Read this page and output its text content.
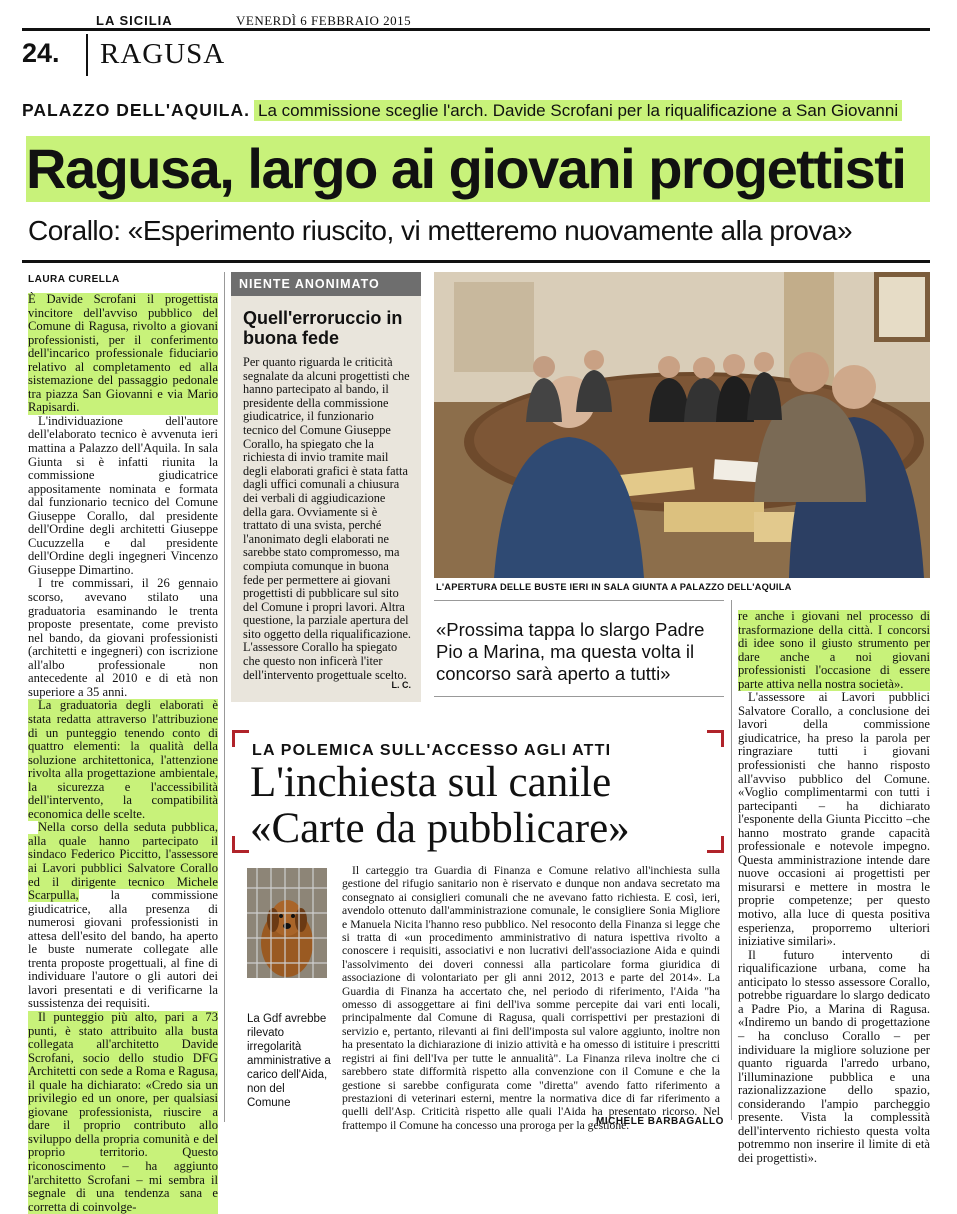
LA SICILIA	VENERDÌ 6 FEBBRAIO 2015
24. RAGUSA
PALAZZO DELL'AQUILA. La commissione sceglie l'arch. Davide Scrofani per la riqualificazione a San Giovanni
Ragusa, largo ai giovani progettisti
Corallo: «Esperimento riuscito, vi metteremo nuovamente alla prova»
LAURA CURELLA

È Davide Scrofani il progettista vincitore dell'avviso pubblico del Comune di Ragusa, rivolto a giovani professionisti, per il conferimento dell'incarico professionale fiduciario relativo al completamento ed alla sistemazione del passaggio pedonale tra piazza San Giovanni e via Mario Rapisardi.

L'individuazione dell'autore dell'elaborato tecnico è avvenuta ieri mattina a Palazzo dell'Aquila. In sala Giunta si è infatti riunita la commissione giudicatrice appositamente nominata e formata dal funzionario tecnico del Comune Giuseppe Corallo, dal presidente dell'Ordine degli architetti Giuseppe Cucuzzella e dal presidente dell'Ordine degli ingegneri Vincenzo Giuseppe Dimartino.

I tre commissari, il 26 gennaio scorso, avevano stilato una graduatoria esaminando le trenta proposte presentate, come previsto nel bando, da giovani professionisti (architetti e ingegneri) con iscrizione all'albo professionale non antecedente al 2010 e di età non superiore a 35 anni.

La graduatoria degli elaborati è stata redatta attraverso l'attribuzione di un punteggio tenendo conto di quattro elementi: la qualità della soluzione architettonica, l'attenzione rivolta alla progettazione ambientale, la sicurezza e l'accessibilità dell'intervento, la compatibilità economica delle scelte.

Nella corso della seduta pubblica, alla quale hanno partecipato il sindaco Federico Piccitto, l'assessore ai Lavori pubblici Salvatore Corallo ed il dirigente tecnico Michele Scarpulla,	la commissione giudicatrice, alla presenza di numerosi giovani professionisti in attesa dell'esito del bando, ha aperto le buste numerate collegate alle trenta proposte progettuali, al fine di individuare l'autore o gli autori dei lavori presentati e di verificarne la sussistenza dei requisiti.

Il punteggio più alto, pari a 73 punti, è stato attribuito alla busta collegata all'architetto Davide Scrofani, socio dello studio DFG Architetti con sede a Roma e Ragusa, il quale ha dichiarato: «Credo sia un privilegio ed un onore, per qualsiasi giovane professionista, riuscire a dare il proprio contributo allo sviluppo della propria comunità e del proprio territorio. Questo riconoscimento – ha aggiunto l'architetto Scrofani – mi sembra il segnale di una tendenza sana e corretta di coinvolge-

NIENTE ANONIMATO
Quell'erroruccio in buona fede
Per quanto riguarda le criticità segnalate da alcuni progettisti che hanno partecipato al bando, il presidente della commissione giudicatrice, il funzionario tecnico del Comune Giuseppe Corallo, ha spiegato che la richiesta di invio tramite mail degli elaborati grafici è stata fatta dagli uffici comunali a chiusura dei verbali di aggiudicazione della gara. Ovviamente si è trattato di una svista, perché l'anonimato degli elaborati ne sarebbe stato compromesso, ma compiuta comunque in buona fede per permettere ai giovani progettisti di pubblicare sul sito del Comune i propri lavori. Altra questione, la parziale apertura del sito oggetto della riqualificazione. L'assessore Corallo ha spiegato che questo non inficerà l'iter dell'intervento progettuale scelto.
L. C.
L'APERTURA DELLE BUSTE IERI IN SALA GIUNTA A PALAZZO DELL'AQUILA
«Prossima tappa lo slargo Padre Pio a Marina, ma questa volta il concorso sarà aperto a tutti»

re anche i giovani nel processo di trasformazione della città. I concorsi di idee sono il giusto strumento per dare anche a noi giovani professionisti l'occasione di essere parte attiva nella nostra società».

L'assessore ai Lavori pubblici Salvatore Corallo, a conclusione dei lavori della commissione giudicatrice, ha preso la parola per ringraziare tutti i giovani professionisti che hanno risposto all'avviso pubblico del Comune. «Voglio complimentarmi con tutti i partecipanti – ha dichiarato l'esponente della Giunta Piccitto –che hanno mostrato grande capacità professionale e notevole impegno. Questa amministrazione intende dare nuove occasioni ai progettisti per misurarsi e mettere in mostra le proprie competenze; per questo motivo, alla luce di questa positiva esperienza, proporremo ulteriori iniziative similari».

Il futuro intervento di riqualificazione urbana, come ha anticipato lo stesso assessore Corallo, potrebbe riguardare lo slargo dedicato a Padre Pio, a Marina di Ragusa. «Indiremo un bando di progettazione – ha concluso Corallo – per individuare la migliore soluzione per quanto riguarda l'arredo urbano, l'illuminazione pubblica e una razionalizzazione dello spazio, considerando l'ampio parcheggio presente. Vista la complessità dell'intervento richiesto questa volta potremmo non inserire il limite di età dei progettisti».

LA POLEMICA SULL'ACCESSO AGLI ATTI
L'inchiesta sul canile
«Carte da pubblicare»
La Gdf avrebbe rilevato irregolarità amministrative a carico dell'Aida, non del Comune

Il carteggio tra Guardia di Finanza e Comune relativo all'inchiesta sulla gestione del rifugio sanitario non è riservato e dunque non andava secretato ma consegnato ai consiglieri comunali che ne avevano fatto richiesta. E così, ieri, avendolo ottenuto dall'amministrazione comunale, le consigliere Sonia Migliore e Manuela Nicita l'hanno reso pubblico. Nel resoconto della Finanza si legge che si tratta di «un procedimento amministrativo di natura ispettiva rivolto a conoscere i requisiti, associativi e non lucrativi dell'associazione Aida e quindi l'assolvimento dei doveri connessi alla particolare forma giuridica di associazione di volontariato per gli anni 2012, 2013 e parte del 2014». La Guardia di Finanza ha accertato che, nel periodo di riferimento, l'Aida "ha omesso di assoggettare ai fini dell'iva somme percepite dai vari enti locali, principalmente dal Comune di Ragusa, quali corrispettivi per prestazioni di servizio e, pertanto, rilevanti ai fini dell'imposta sul valore aggiunto, inoltre non ha presentato la dichiarazione di inizio attività e ha omesso di istituire i prescritti registri ai fini dell'Iva per tutte le annualità". La Finanza rileva inoltre che ci sarebbero state difformità rispetto alla convenzione con il Comune e che la gestione si sarebbe configurata come "diretta" avendo fatto riferimento a prestazioni di veterinari esterni, mentre la normativa dice di far riferimento a quelli dell'Asp. Criticità rispetto alle quali l'Aida ha presentato ricorso. Nel frattempo il Comune ha concesso una proroga per la gestione.

MICHELE BARBAGALLO
